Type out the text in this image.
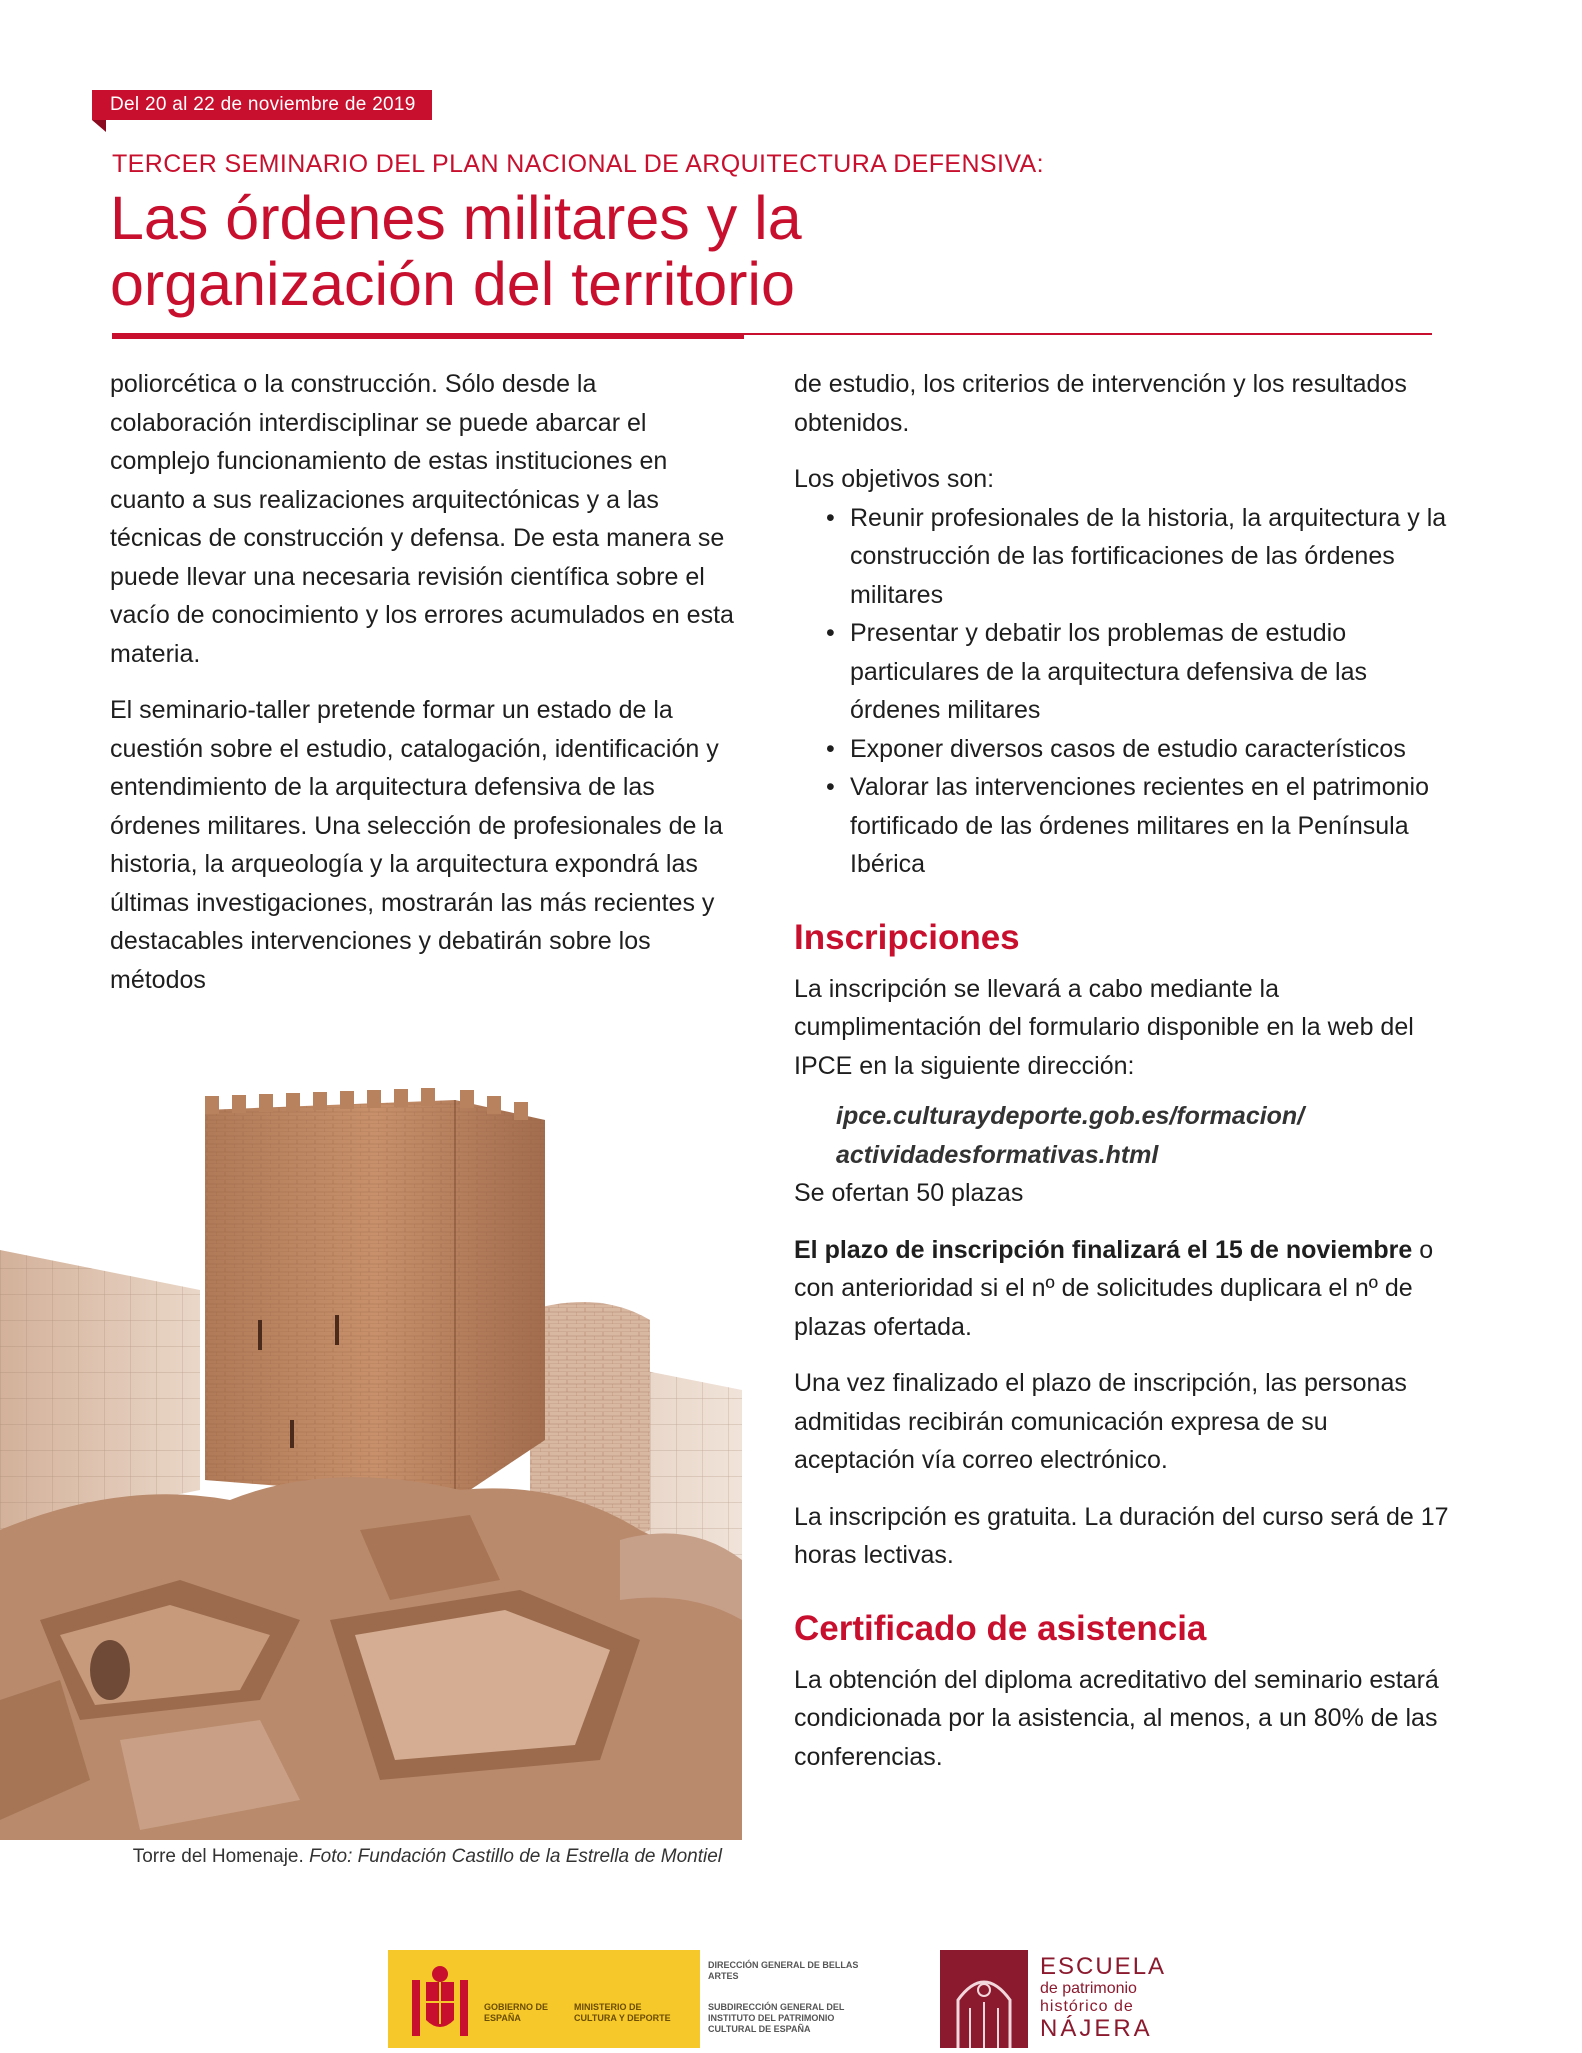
Del 20 al 22 de noviembre de 2019
TERCER SEMINARIO DEL PLAN NACIONAL DE ARQUITECTURA DEFENSIVA:
Las órdenes militares y la
organización del territorio

poliorcética o la construcción. Sólo desde la colaboración interdisciplinar se puede abarcar el complejo funcionamiento de estas instituciones en cuanto a sus realizaciones arquitectónicas y a las técnicas de construcción y defensa. De esta manera se puede llevar una necesaria revisión científica sobre el vacío de conocimiento y los errores acumulados en esta materia.

El seminario-taller pretende formar un estado de la cuestión sobre el estudio, catalogación, identificación y entendimiento de la arquitectura defensiva de las órdenes militares. Una selección de profesionales de la historia, la arqueología y la arquitectura expondrá las últimas investigaciones, mostrarán las más recientes y destacables intervenciones y debatirán sobre los métodos

de estudio, los criterios de intervención y los resultados obtenidos.

Los objetivos son:

• Reunir profesionales de la historia, la arquitectura y la construcción de las fortificaciones de las órdenes militares
• Presentar y debatir los problemas de estudio particulares de la arquitectura defensiva de las órdenes militares
• Exponer diversos casos de estudio característicos
• Valorar las intervenciones recientes en el patrimonio fortificado de las órdenes militares en la Península Ibérica
Inscripciones

La inscripción se llevará a cabo mediante la cumplimentación del formulario disponible en la web del IPCE en la siguiente dirección:

ipce.culturaydeporte.gob.es/formacion/
actividadesformativas.html

Se ofertan 50 plazas

El plazo de inscripción finalizará el 15 de noviembre o con anterioridad si el nº de solicitudes duplicara el nº de plazas ofertada.

Una vez finalizado el plazo de inscripción, las personas admitidas recibirán comunicación expresa de su aceptación vía correo electrónico.

La inscripción es gratuita. La duración del curso será de 17 horas lectivas.

Certificado de asistencia

La obtención del diploma acreditativo del seminario estará condicionada por la asistencia, al menos, a un 80% de las conferencias.

Torre del Homenaje. Foto: Fundación Castillo de la Estrella de Montiel
GOBIERNO DE ESPAÑA
MINISTERIO DE CULTURA Y DEPORTE
DIRECCIÓN GENERAL DE BELLAS ARTES
SUBDIRECCIÓN GENERAL DEL INSTITUTO DEL PATRIMONIO CULTURAL DE ESPAÑA
ESCUELA
de patrimonio
histórico de
NÁJERA
